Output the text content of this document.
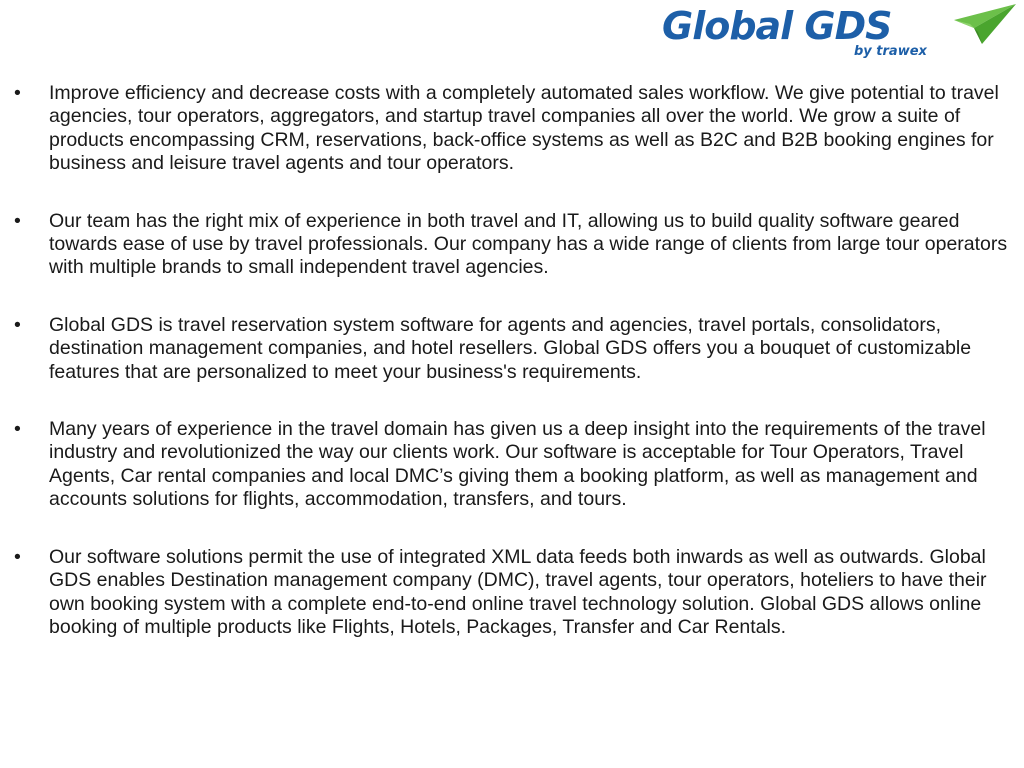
Global GDS
by trawex
•	Improve efficiency and decrease costs with a completely automated sales workflow. We give potential to travel agencies, tour operators, aggregators, and startup travel companies all over the world. We grow a suite of products encompassing CRM, reservations, back-office systems as well as B2C and B2B booking engines for business and leisure travel agents and tour operators.
•	Our team has the right mix of experience in both travel and IT, allowing us to build quality software geared towards ease of use by travel professionals. Our company has a wide range of clients from large tour operators with multiple brands to small independent travel agencies.
•	Global GDS is travel reservation system software for agents and agencies, travel portals, consolidators, destination management companies, and hotel resellers. Global GDS offers you a bouquet of customizable features that are personalized to meet your business's requirements.
•	Many years of experience in the travel domain has given us a deep insight into the requirements of the travel industry and revolutionized the way our clients work. Our software is acceptable for Tour Operators, Travel Agents, Car rental companies and local DMC’s giving them a booking platform, as well as management and accounts solutions for flights, accommodation, transfers, and tours.
•	Our software solutions permit the use of integrated XML data feeds both inwards as well as outwards. Global GDS enables Destination management company (DMC), travel agents, tour operators, hoteliers to have their own booking system with a complete end-to-end online travel technology solution. Global GDS allows online booking of multiple products like Flights, Hotels, Packages, Transfer and Car Rentals.
